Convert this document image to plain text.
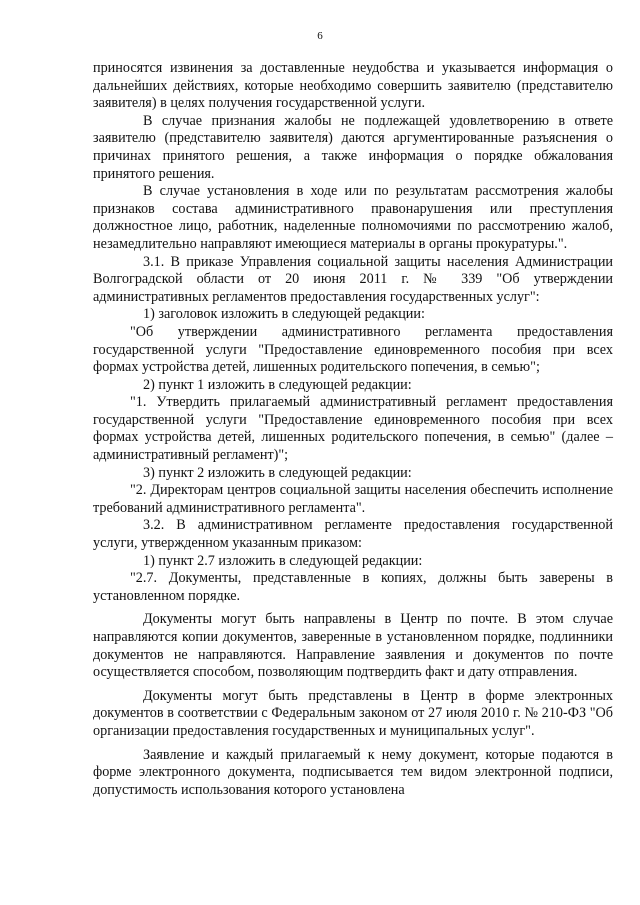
6

приносятся извинения за доставленные неудобства и указывается информация о дальнейших действиях, которые необходимо совершить заявителю (представителю заявителя) в целях получения государственной услуги.

В случае признания жалобы не подлежащей удовлетворению в ответе заявителю (представителю заявителя) даются аргументированные разъяснения о причинах принятого решения, а также информация о порядке обжалования принятого решения.

В случае установления в ходе или по результатам рассмотрения жалобы признаков состава административного правонарушения или преступления должностное лицо, работник, наделенные полномочиями по рассмотрению жалоб, незамедлительно направляют имеющиеся материалы в органы прокуратуры.".

3.1. В приказе Управления социальной защиты населения Администрации Волгоградской области от 20 июня 2011 г. № 339 "Об утверждении административных регламентов предоставления государственных услуг":

1) заголовок изложить в следующей редакции:

"Об утверждении административного регламента предоставления государственной услуги "Предоставление единовременного пособия при всех формах устройства детей, лишенных родительского попечения, в семью";

2) пункт 1 изложить в следующей редакции:

"1. Утвердить прилагаемый административный регламент предоставления государственной услуги "Предоставление единовременного пособия при всех формах устройства детей, лишенных родительского попечения, в семью" (далее – административный регламент)";

3) пункт 2 изложить в следующей редакции:

"2. Директорам центров социальной защиты населения обеспечить исполнение требований административного регламента".

3.2. В административном регламенте предоставления государственной услуги, утвержденном указанным приказом:

1) пункт 2.7 изложить в следующей редакции:

"2.7. Документы, представленные в копиях, должны быть заверены в установленном порядке.

Документы могут быть направлены в Центр по почте. В этом случае направляются копии документов, заверенные в установленном порядке, подлинники документов не направляются. Направление заявления и документов по почте осуществляется способом, позволяющим подтвердить факт и дату отправления.

Документы могут быть представлены в Центр в форме электронных документов в соответствии с Федеральным законом от 27 июля 2010 г. № 210-ФЗ "Об организации предоставления государственных и муниципальных услуг".

Заявление и каждый прилагаемый к нему документ, которые подаются в форме электронного документа, подписывается тем видом электронной подписи, допустимость использования которого установлена
